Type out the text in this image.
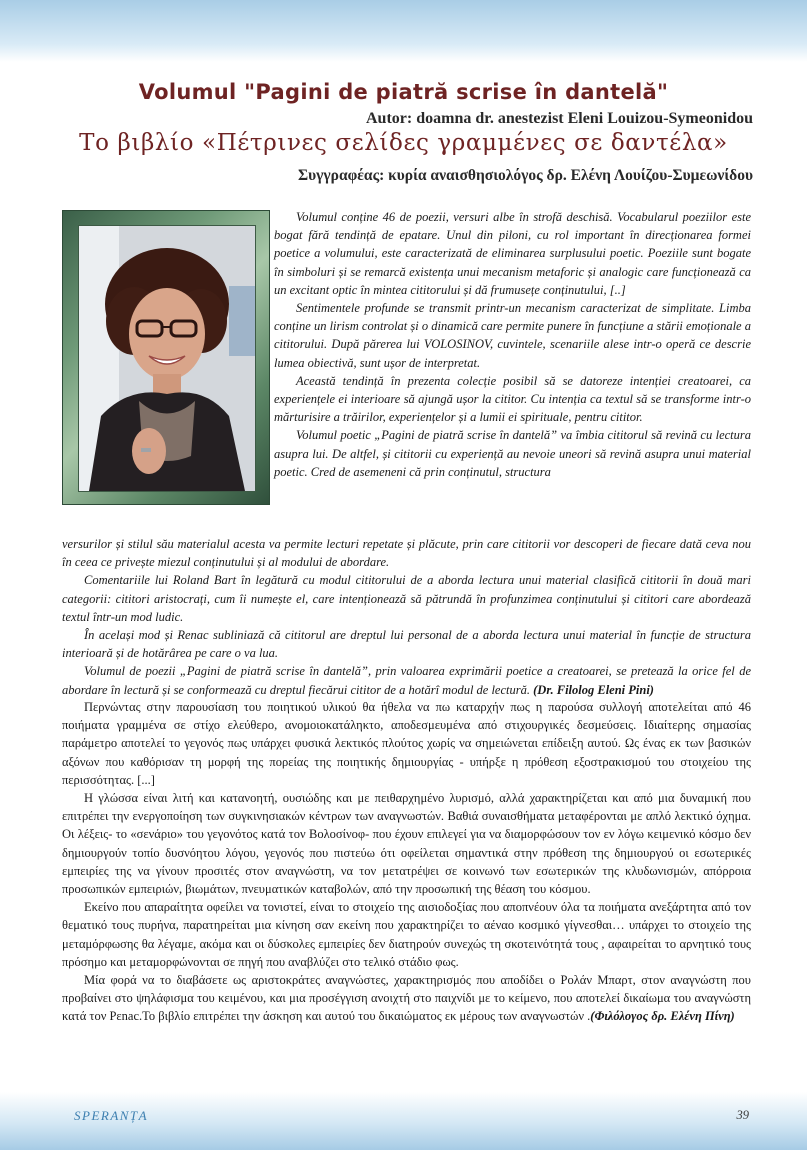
Volumul "Pagini de piatră scrise în dantelă"
Autor: doamna dr. anestezist Eleni Louizou-Symeonidou
Το βιβλίο «Πέτρινες σελίδες γραμμένες σε δαντέλα»
Συγγραφέας: κυρία αναισθησιολόγος δρ. Ελένη Λουίζου-Συμεωνίδου

Volumul conține 46 de poezii, versuri albe în strofă deschisă. Vocabularul poeziilor este bogat fără tendință de epatare. Unul din piloni, cu rol important în direcționarea formei poetice a volumului, este caracterizată de eliminarea surplusului poetic. Poeziile sunt bogate în simboluri și se remarcă existența unui mecanism metaforic și analogic care funcționează ca un excitant optic în mintea cititorului și dă frumusețe conținutului, [..]

Sentimentele profunde se transmit printr-un mecanism caracterizat de simplitate. Limba conține un lirism controlat și o dinamică care permite punere în funcțiune a stării emoționale a cititorului. După părerea lui VOLOSINOV, cuvintele, scenariile alese intr-o operă ce descrie lumea obiectivă, sunt ușor de interpretat.

Această tendință în prezenta colecție posibil să se datoreze intenției creatoarei, ca experiențele ei interioare să ajungă ușor la cititor. Cu intenția ca textul să se transforme intr-o mărturisire a trăirilor, experiențelor și a lumii ei spirituale, pentru cititor.

Volumul poetic „Pagini de piatră scrise în dantelă” va îmbia cititorul să revină cu lectura asupra lui. De altfel, și cititorii cu experiență au nevoie uneori să revină asupra unui material poetic. Cred de asemeneni că prin conținutul, structura

versurilor și stilul său materialul acesta va permite lecturi repetate și plăcute, prin care cititorii vor descoperi de fiecare dată ceva nou în ceea ce privește miezul conținutului și al modului de abordare.

Comentariile lui Roland Bart în legătură cu modul cititorului de a aborda lectura unui material clasifică cititorii în două mari categorii: cititori aristocrați, cum îi numește el, care intenționează să pătrundă în profunzimea conținutului și cititori care abordează textul într-un mod ludic.

În același mod și Renac subliniază că cititorul are dreptul lui personal de a aborda lectura unui material în funcție de structura interioară și de hotărârea pe care o va lua.

Volumul de poezii „Pagini de piatră scrise în dantelă”, prin valoarea exprimării poetice a creatoarei, se pretează la orice fel de abordare în lectură și se conformează cu dreptul fiecărui cititor de a hotărî modul de lectură. (Dr. Filolog Eleni Pini)

Περνώντας στην παρουσίαση του ποιητικού υλικού θα ήθελα να πω καταρχήν πως η παρούσα συλλογή αποτελείται από 46 ποιήματα γραμμένα σε στίχο ελεύθερο, ανομοιοκατάληκτο, αποδεσμευμένα από στιχουργικές δεσμεύσεις. Ιδιαίτερης σημασίας παράμετρο αποτελεί το γεγονός πως υπάρχει φυσικά λεκτικός πλούτος χωρίς να σημειώνεται επίδειξη αυτού. Ως ένας εκ των βασικών αξόνων που καθόρισαν τη μορφή της πορείας της ποιητικής δημιουργίας - υπήρξε η πρόθεση εξοστρακισμού του στοιχείου της περισσότητας. [...]

Η γλώσσα είναι λιτή και κατανοητή, ουσιώδης και με πειθαρχημένο λυρισμό, αλλά χαρακτηρίζεται και από μια δυναμική που επιτρέπει την ενεργοποίηση των συγκινησιακών κέντρων των αναγνωστών. Βαθιά συναισθήματα μεταφέρονται με απλό λεκτικό όχημα. Οι λέξεις- το «σενάριο» του γεγονότος κατά τον Βολοσίνοφ- που έχουν επιλεγεί για να διαμορφώσουν τον εν λόγω κειμενικό κόσμο δεν δημιουργούν τοπίο δυσνόητου λόγου, γεγονός που πιστεύω ότι οφείλεται σημαντικά στην πρόθεση της δημιουργού οι εσωτερικές εμπειρίες της να γίνουν προσιτές στον αναγνώστη, να τον μετατρέψει σε κοινωνό των εσωτερικών της κλυδωνισμών, απόρροια προσωπικών εμπειριών, βιωμάτων, πνευματικών καταβολών, από την προσωπική της θέαση του κόσμου.

Εκείνο που απαραίτητα οφείλει να τονιστεί, είναι το στοιχείο της αισιοδοξίας που αποπνέουν όλα τα ποιήματα ανεξάρτητα από τον θεματικό τους πυρήνα, παρατηρείται μια κίνηση σαν εκείνη που χαρακτηρίζει το αέναο κοσμικό γίγνεσθαι… υπάρχει το στοιχείο της μεταμόρφωσης θα λέγαμε, ακόμα και οι δύσκολες εμπειρίες δεν διατηρούν συνεχώς τη σκοτεινότητά τους , αφαιρείται το αρνητικό τους πρόσημο και μεταμορφώνονται σε πηγή που αναβλύζει στο τελικό στάδιο φως.

Μία φορά να το διαβάσετε ως αριστοκράτες αναγνώστες, χαρακτηρισμός που αποδίδει ο Ρολάν Μπαρτ, στον αναγνώστη που προβαίνει στο ψηλάφισμα του κειμένου, και μια προσέγγιση ανοιχτή στο παιχνίδι με το κείμενο, που αποτελεί δικαίωμα του αναγνώστη κατά τον Ρεnac.Το βιβλίο επιτρέπει την άσκηση και αυτού του δικαιώματος εκ μέρους των αναγνωστών .(Φιλόλογος δρ. Ελένη Πίνη)

SPERANȚA	39
